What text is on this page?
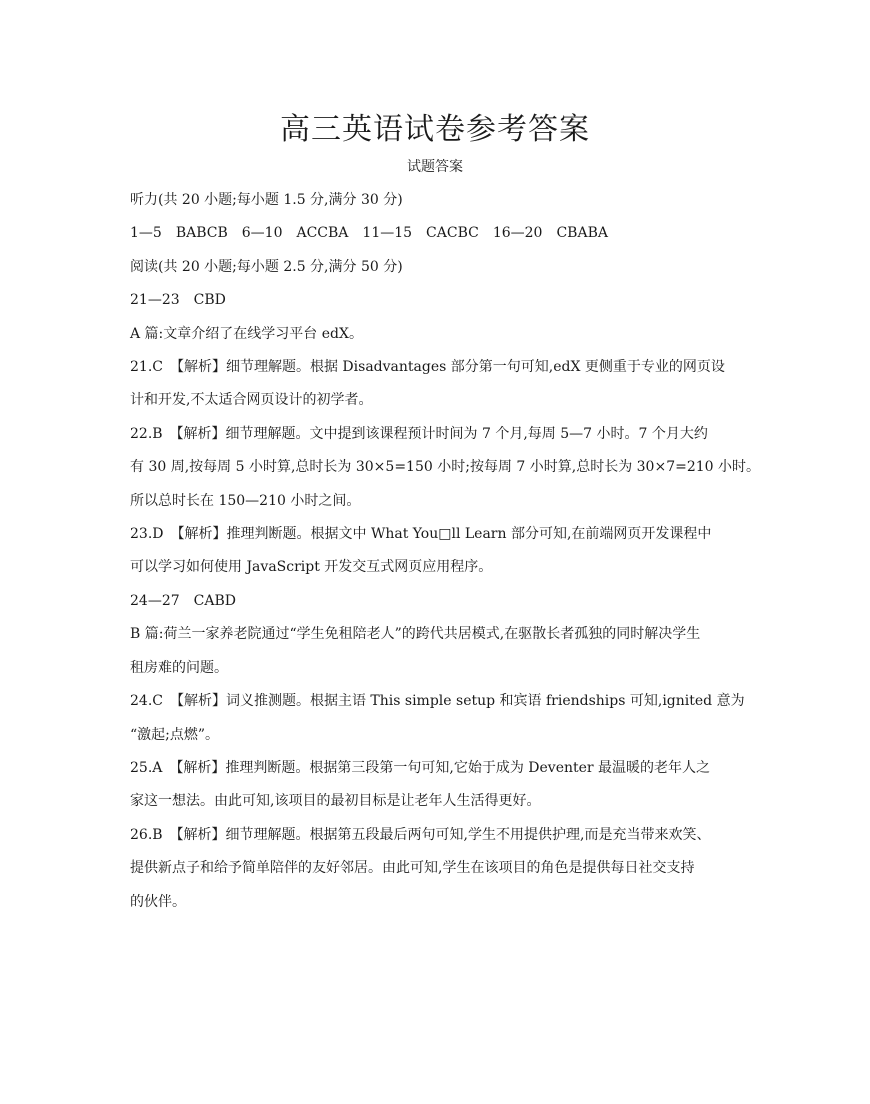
高三英语试卷参考答案
试题答案
听力(共 20 小题;每小题 1.5 分,满分 30 分)
1—5　BABCB　6—10　ACCBA　11—15　CACBC　16—20　CBABA
阅读(共 20 小题;每小题 2.5 分,满分 50 分)
21—23　CBD
A 篇:文章介绍了在线学习平台 edX。
21.C　【解析】细节理解题。根据 Disadvantages 部分第一句可知,edX 更侧重于专业的网页设
计和开发,不太适合网页设计的初学者。
22.B　【解析】细节理解题。文中提到该课程预计时间为 7 个月,每周 5—7 小时。7 个月大约
有 30 周,按每周 5 小时算,总时长为 30×5=150 小时;按每周 7 小时算,总时长为 30×7=210 小时。
所以总时长在 150—210 小时之间。
23.D　【解析】推理判断题。根据文中 What You□ll Learn 部分可知,在前端网页开发课程中
可以学习如何使用 JavaScript 开发交互式网页应用程序。
24—27　CABD
B 篇:荷兰一家养老院通过“学生免租陪老人”的跨代共居模式,在驱散长者孤独的同时解决学生
租房难的问题。
24.C　【解析】词义推测题。根据主语 This simple setup 和宾语 friendships 可知,ignited 意为
“激起;点燃”。
25.A　【解析】推理判断题。根据第三段第一句可知,它始于成为 Deventer 最温暖的老年人之
家这一想法。由此可知,该项目的最初目标是让老年人生活得更好。
26.B　【解析】细节理解题。根据第五段最后两句可知,学生不用提供护理,而是充当带来欢笑、
提供新点子和给予简单陪伴的友好邻居。由此可知,学生在该项目的角色是提供每日社交支持
的伙伴。
